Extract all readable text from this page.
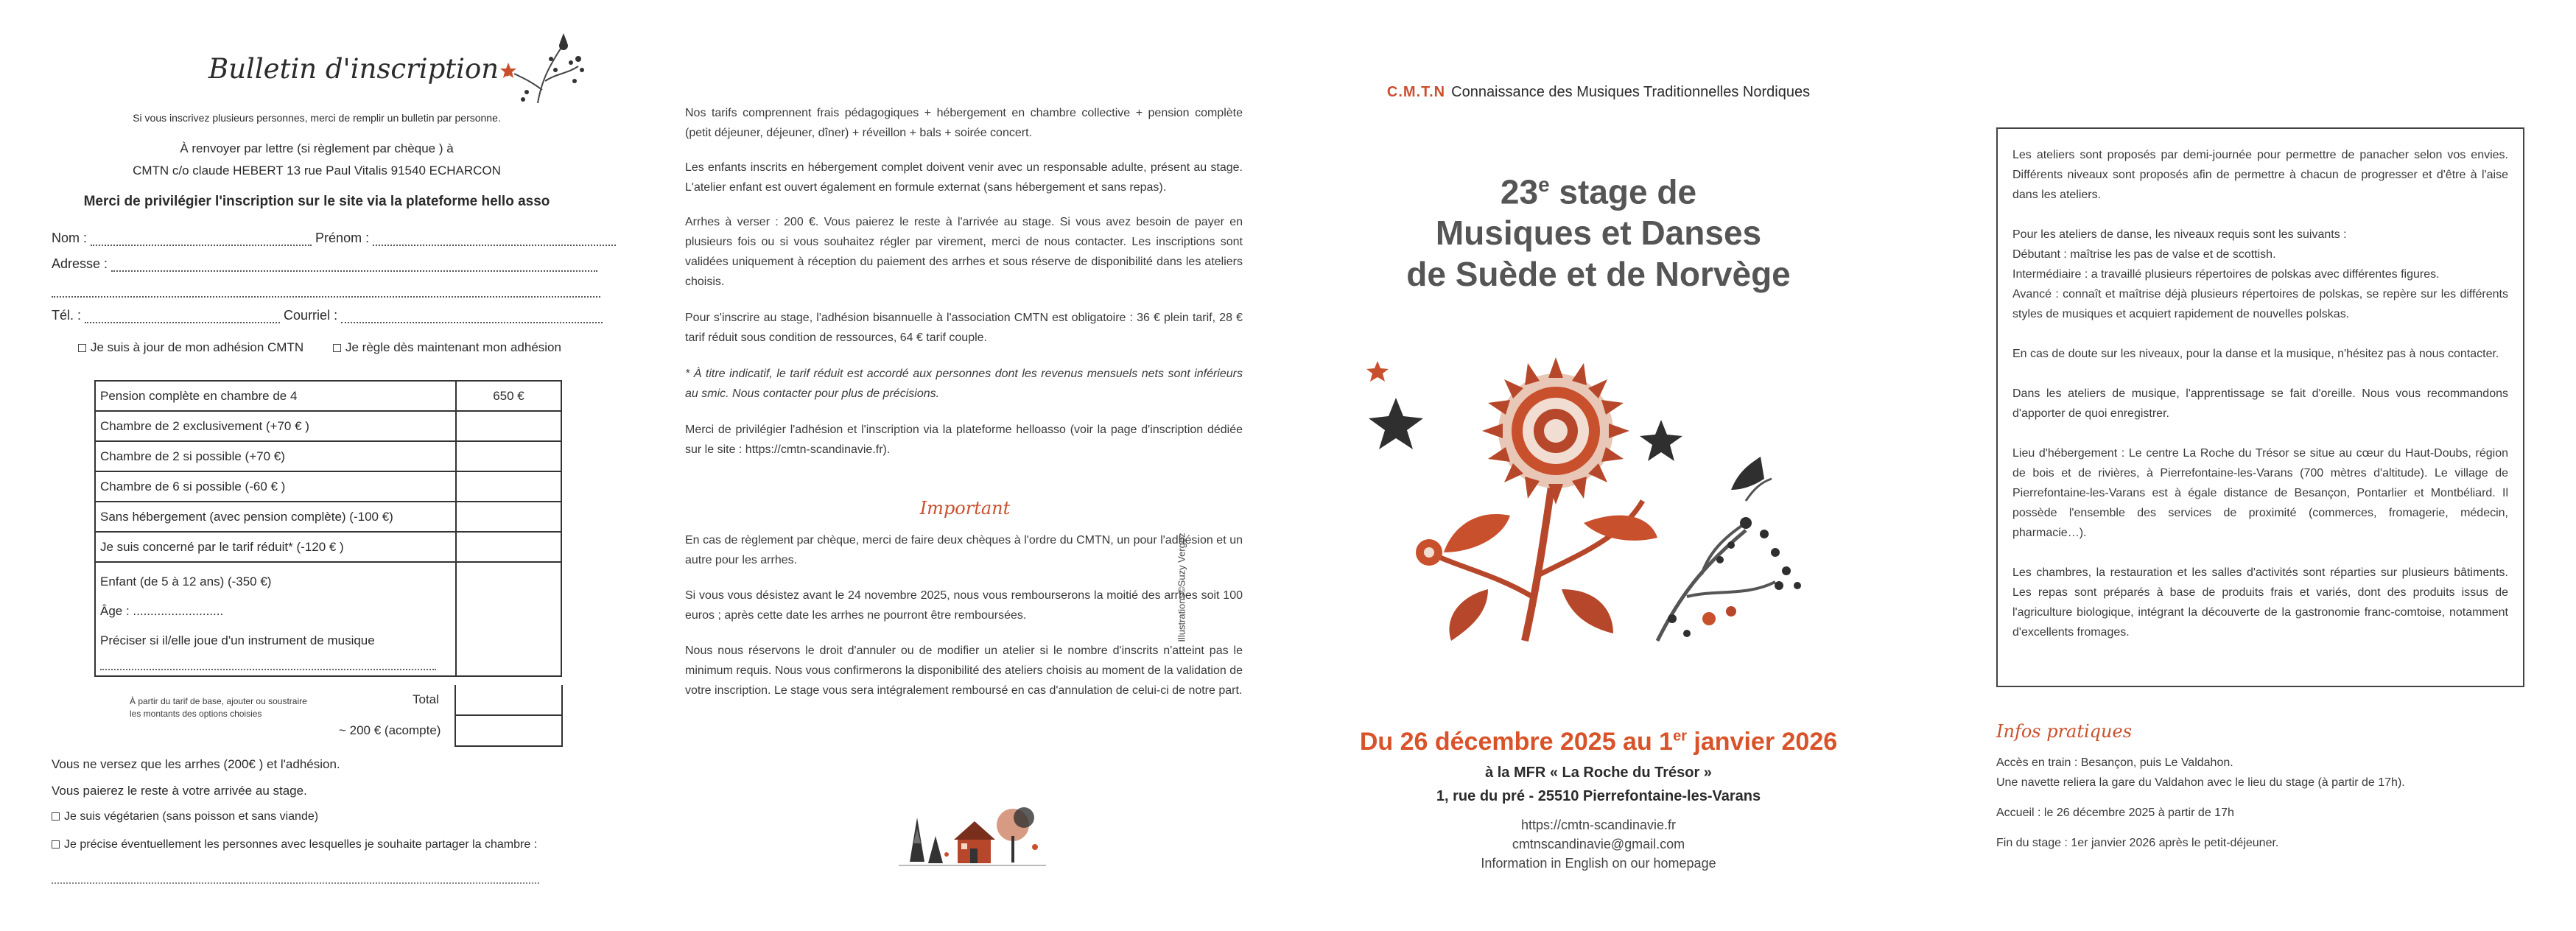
Bulletin d'inscription
Si vous inscrivez plusieurs personnes, merci de remplir un bulletin par personne.
À renvoyer par lettre (si règlement par chèque ) à
CMTN c/o claude HEBERT 13 rue Paul Vitalis 91540 ECHARCON
Merci de privilégier l'inscription sur le site via la plateforme hello asso
Nom :	Prénom :
Adresse :
Tél. :	Courriel :
Je suis à jour de mon adhésion CMTN	Je règle dès maintenant mon adhésion
Pension complète en chambre de 4	650 €
Chambre de 2 exclusivement (+70 € )	
Chambre de 2 si possible (+70 €)	
Chambre de 6 si possible (-60 € )	
Sans hébergement (avec pension complète) (-100 €)	
Je suis concerné par le tarif réduit* (-120 € )	

Enfant (de 5 à 12 ans) (-350 €)
Âge : ..........................
Préciser si il/elle joue d'un instrument de musique	

À partir du tarif de base, ajouter ou soustraire
les montants des options choisies
Total
~ 200 € (acompte)
Vous ne versez que les arrhes (200€ ) et l'adhésion.
Vous paierez le reste à votre arrivée au stage.
Je suis végétarien (sans poisson et sans viande)
Je précise éventuellement les personnes avec lesquelles je souhaite partager la chambre :
Nos tarifs comprennent frais pédagogiques + hébergement en chambre collective + pension complète (petit déjeuner, déjeuner, dîner) + réveillon + bals + soirée concert.
Les enfants inscrits en hébergement complet doivent venir avec un responsable adulte, présent au stage. L'atelier enfant est ouvert également en formule externat (sans hébergement et sans repas).
Arrhes à verser : 200 €. Vous paierez le reste à l'arrivée au stage. Si vous avez besoin de payer en plusieurs fois ou si vous souhaitez régler par virement, merci de nous contacter. Les inscriptions sont validées uniquement à réception du paiement des arrhes et sous réserve de disponibilité dans les ateliers choisis.
Pour s'inscrire au stage, l'adhésion bisannuelle à l'association CMTN est obligatoire : 36 € plein tarif, 28 € tarif réduit sous condition de ressources, 64 € tarif couple.
* À titre indicatif, le tarif réduit est accordé aux personnes dont les revenus mensuels nets sont inférieurs au smic. Nous contacter pour plus de précisions.
Merci de privilégier l'adhésion et l'inscription via la plateforme helloasso (voir la page d'inscription dédiée sur le site : https://cmtn-scandinavie.fr).
Important
En cas de règlement par chèque, merci de faire deux chèques à l'ordre du CMTN, un pour l'adhésion et un autre pour les arrhes.
Si vous vous désistez avant le 24 novembre 2025, nous vous rembourserons la moitié des arrhes soit 100 euros ; après cette date les arrhes ne pourront être remboursées.
Nous nous réservons le droit d'annuler ou de modifier un atelier si le nombre d'inscrits n'atteint pas le minimum requis. Nous vous confirmerons la disponibilité des ateliers choisis au moment de la validation de votre inscription. Le stage vous sera intégralement remboursé en cas d'annulation de celui-ci de notre part.
C.M.T.N Connaissance des Musiques Traditionnelles Nordiques
23e stage de
Musiques et Danses
de Suède et de Norvège
Illustrations©Suzy Vergez
Du 26 décembre 2025 au 1er janvier 2026
à la MFR « La Roche du Trésor »
1, rue du pré - 25510 Pierrefontaine-les-Varans
https://cmtn-scandinavie.fr
cmtnscandinavie@gmail.com
Information in English on our homepage

Les ateliers sont proposés par demi-journée pour permettre de panacher selon vos envies. Différents niveaux sont proposés afin de permettre à chacun de progresser et d'être à l'aise dans les ateliers.

Pour les ateliers de danse, les niveaux requis sont les suivants :
Débutant : maîtrise les pas de valse et de scottish.
Intermédiaire : a travaillé plusieurs répertoires de polskas avec différentes figures.
Avancé : connaît et maîtrise déjà plusieurs répertoires de polskas, se repère sur les différents styles de musiques et acquiert rapidement de nouvelles polskas.

En cas de doute sur les niveaux, pour la danse et la musique, n'hésitez pas à nous contacter.

Dans les ateliers de musique, l'apprentissage se fait d'oreille. Nous vous recommandons d'apporter de quoi enregistrer.

Lieu d'hébergement : Le centre La Roche du Trésor se situe au cœur du Haut-Doubs, région de bois et de rivières, à Pierrefontaine-les-Varans (700 mètres d'altitude). Le village de Pierrefontaine-les-Varans est à égale distance de Besançon, Pontarlier et Montbéliard. Il possède l'ensemble des services de proximité (commerces, fromagerie, médecin, pharmacie…).

Les chambres, la restauration et les salles d'activités sont réparties sur plusieurs bâtiments. Les repas sont préparés à base de produits frais et variés, dont des produits issus de l'agriculture biologique, intégrant la découverte de la gastronomie franc-comtoise, notamment d'excellents fromages.

Infos pratiques
Accès en train : Besançon, puis Le Valdahon.
Une navette reliera la gare du Valdahon avec le lieu du stage (à partir de 17h).
Accueil : le 26 décembre 2025 à partir de 17h
Fin du stage : 1er janvier 2026 après le petit-déjeuner.
